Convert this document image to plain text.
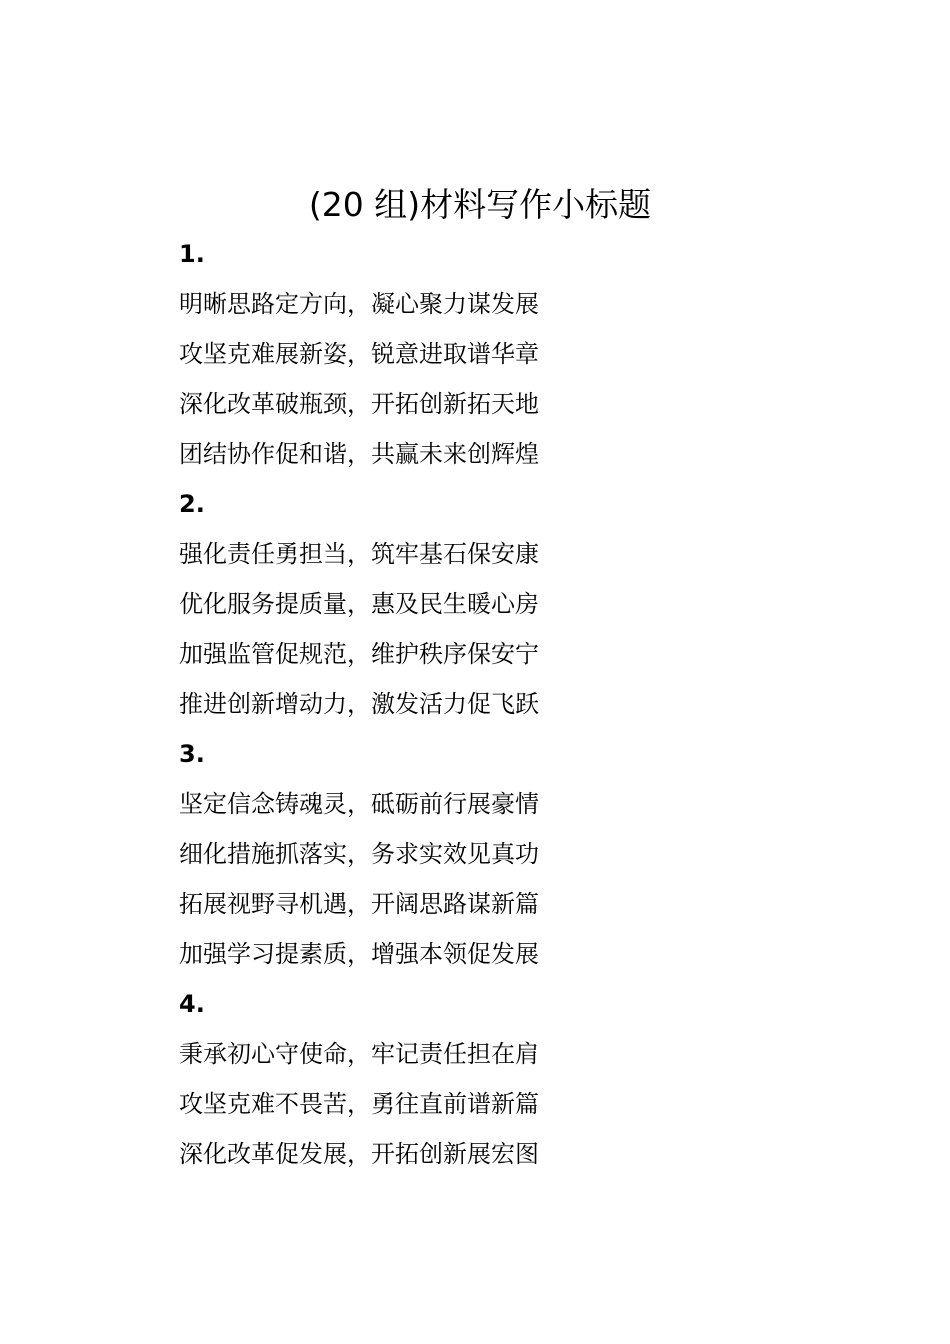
(20 组)材料写作小标题
1.
明晰思路定方向，凝心聚力谋发展
攻坚克难展新姿，锐意进取谱华章
深化改革破瓶颈，开拓创新拓天地
团结协作促和谐，共赢未来创辉煌
2.
强化责任勇担当，筑牢基石保安康
优化服务提质量，惠及民生暖心房
加强监管促规范，维护秩序保安宁
推进创新增动力，激发活力促飞跃
3.
坚定信念铸魂灵，砥砺前行展豪情
细化措施抓落实，务求实效见真功
拓展视野寻机遇，开阔思路谋新篇
加强学习提素质，增强本领促发展
4.
秉承初心守使命，牢记责任担在肩
攻坚克难不畏苦，勇往直前谱新篇
深化改革促发展，开拓创新展宏图
